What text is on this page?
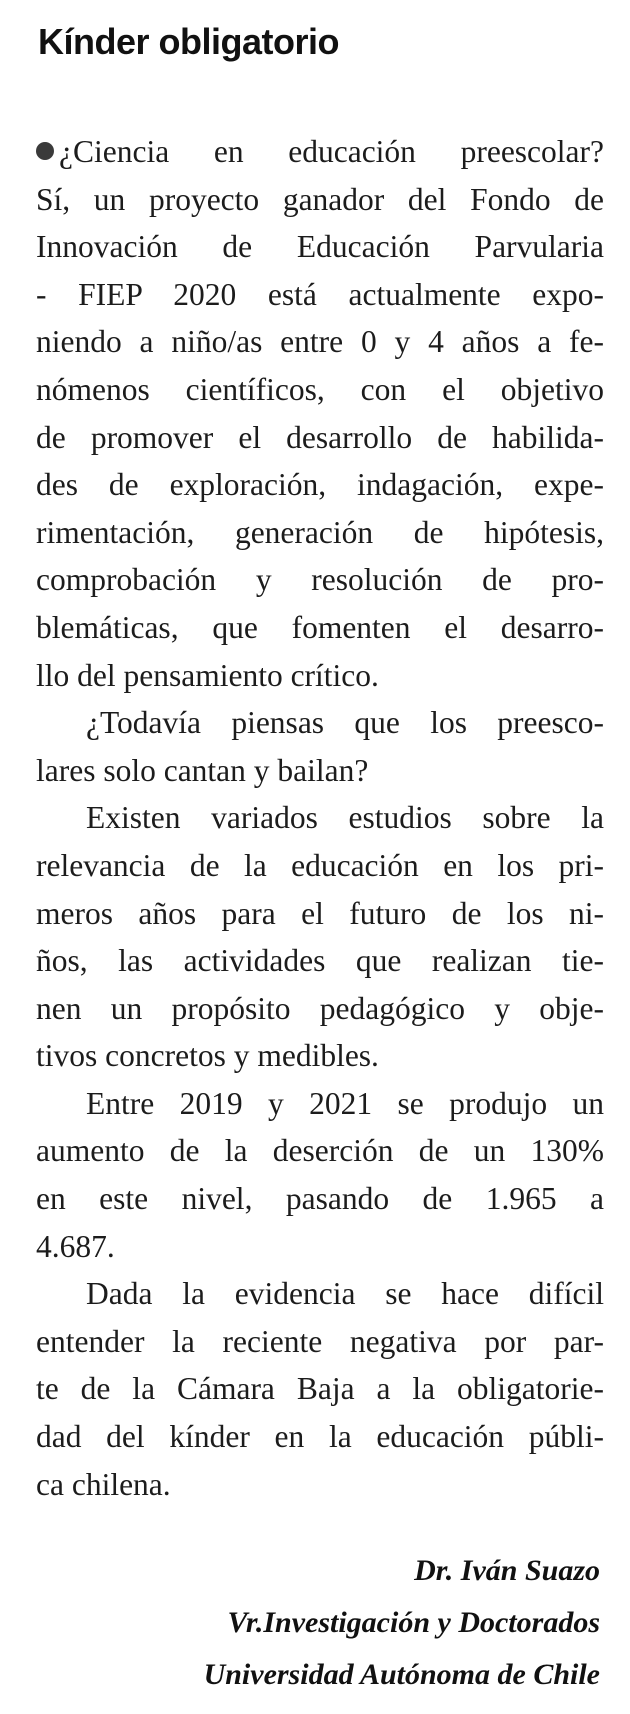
Kínder obligatorio

¿Ciencia en educación preescolar?
Sí, un proyecto ganador del Fondo de
Innovación de Educación Parvularia
- FIEP 2020 está actualmente expo-
niendo a niño/as entre 0 y 4 años a fe-
nómenos científicos, con el objetivo
de promover el desarrollo de habilida-
des de exploración, indagación, expe-
rimentación, generación de hipótesis,
comprobación y resolución de pro-
blemáticas, que fomenten el desarro-
llo del pensamiento crítico.

¿Todavía piensas que los preesco-
lares solo cantan y bailan?

Existen variados estudios sobre la
relevancia de la educación en los pri-
meros años para el futuro de los ni-
ños, las actividades que realizan tie-
nen un propósito pedagógico y obje-
tivos concretos y medibles.

Entre 2019 y 2021 se produjo un
aumento de la deserción de un 130%
en este nivel, pasando de 1.965 a
4.687.

Dada la evidencia se hace difícil
entender la reciente negativa por par-
te de la Cámara Baja a la obligatorie-
dad del kínder en la educación públi-
ca chilena.

Dr. Iván Suazo
Vr.Investigación y Doctorados
Universidad Autónoma de Chile
